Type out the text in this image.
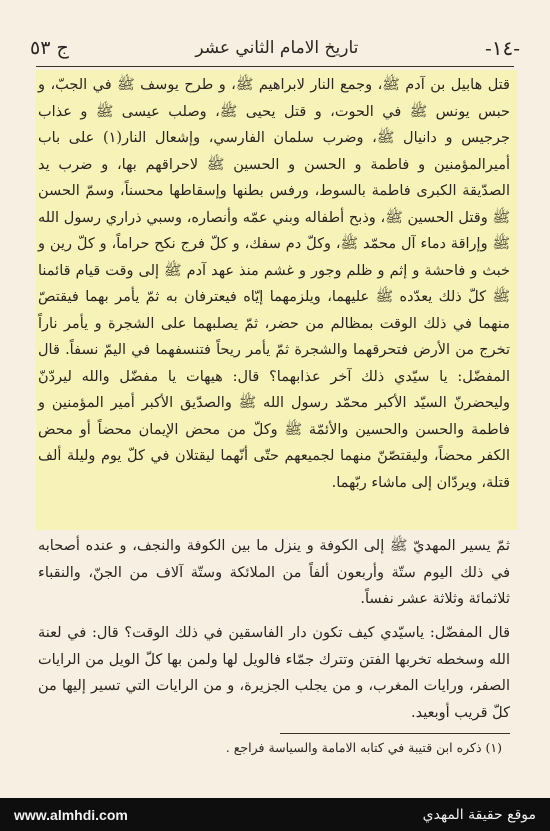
ج ٥٣	تاريخ الامام الثاني عشر	-١٤-
قتل هابيل بن آدم ﷺ، وجمع النار لابراهيم ﷺ، و طرح يوسف ﷺ في الجبّ، و حبس يونس ﷺ في الحوت، و قتل يحيى ﷺ، وصلب عيسى ﷺ و عذاب جرجيس و دانيال ﷺ، وضرب سلمان الفارسي، وإشعال النار(١) على باب أميرالمؤمنين و فاطمة و الحسن و الحسين ﷺ لاحراقهم بها، و ضرب يد الصدّيقة الكبرى فاطمة بالسوط، ورفس بطنها وإسقاطها محسناً، وسمّ الحسن ﷺ وقتل الحسين ﷺ، وذبح أطفاله وبني عمّه وأنصاره، وسبي ذراري رسول الله ﷺ وإراقة دماء آل محمّد ﷺ، وكلّ دم سفك، و كلّ فرج نكح حراماً، و كلّ رين و خبث و فاحشة و إثم و ظلم وجور و غشم منذ عهد آدم ﷺ إلى وقت قيام قائمنا ﷺ كلّ ذلك يعدّده ﷺ عليهما، ويلزمهما إيّاه فيعترفان به ثمّ يأمر بهما فيقتصّ منهما في ذلك الوقت بمظالم من حضر، ثمّ يصلبهما على الشجرة و يأمر ناراً تخرج من الأرض فتحرقهما والشجرة ثمّ يأمر ريحاً فتنسفهما في اليمّ نسفاً. قال المفضّل: يا سيّدي ذلك آخر عذابهما؟ قال: هيهات يا مفضّل والله ليردّنّ وليحضرنّ السيّد الأكبر محمّد رسول الله ﷺ والصدّيق الأكبر أمير المؤمنين و فاطمة والحسن والحسين والأئمّة ﷺ وكلّ من محض الإيمان محضاً أو محض الكفر محضاً، وليقتصّنّ منهما لجميعهم حتّى أنّهما ليقتلان في كلّ يوم وليلة ألف قتلة، ويردّان إلى ماشاء ربّهما.
ثمّ يسير المهديّ ﷺ إلى الكوفة و ينزل ما بين الكوفة والنجف، و عنده أصحابه في ذلك اليوم ستّة وأربعون ألفاً من الملائكة وستّة آلاف من الجنّ، والنقباء ثلاثمائة وثلاثة عشر نفساً.
قال المفضّل: ياسيّدي كيف تكون دار الفاسقين في ذلك الوقت؟ قال: في لعنة الله وسخطه تخربها الفتن وتترك جمّاء فالويل لها ولمن بها كلّ الويل من الرايات الصفر، ورايات المغرب، و من يجلب الجزيرة، و من الرايات التي تسير إليها من كلّ قريب أوبعيد.
(١) ذكره ابن قتيبة في كتابه الامامة والسياسة فراجع .
www.almhdi.com	موقع حقيقة المهدي
